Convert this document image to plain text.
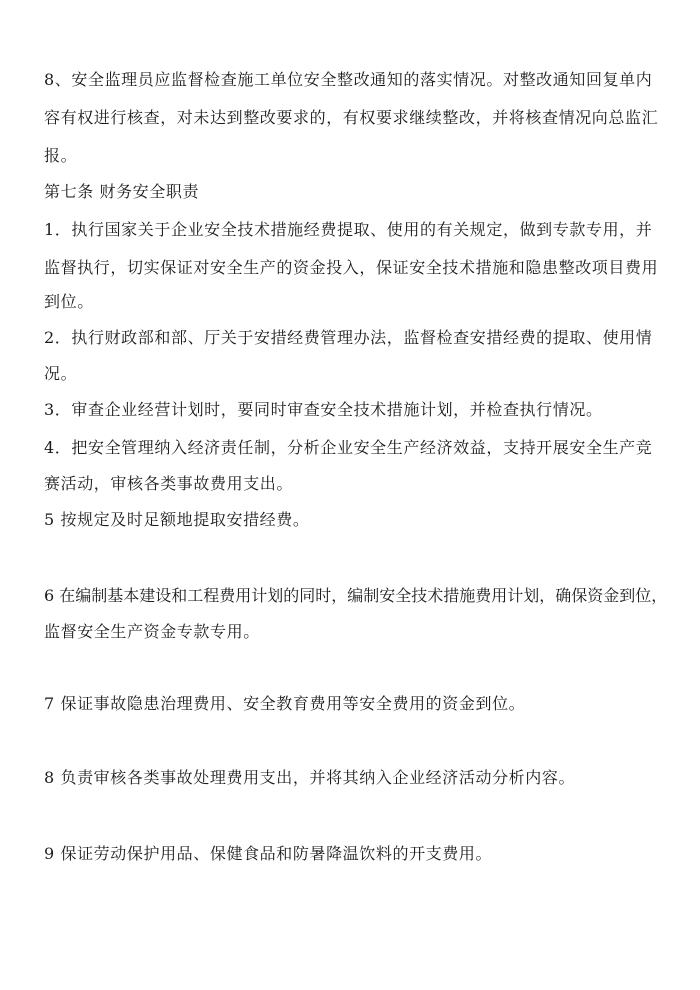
8、安全监理员应监督检查施工单位安全整改通知的落实情况。对整改通知回复单内
容有权进行核查，对未达到整改要求的，有权要求继续整改，并将核查情况向总监汇
报。
第七条 财务安全职责
1．执行国家关于企业安全技术措施经费提取、使用的有关规定，做到专款专用，并
监督执行，切实保证对安全生产的资金投入，保证安全技术措施和隐患整改项目费用
到位。
2．执行财政部和部、厅关于安措经费管理办法，监督检查安措经费的提取、使用情
况。
3．审查企业经营计划时，要同时审查安全技术措施计划，并检查执行情况。
4．把安全管理纳入经济责任制，分析企业安全生产经济效益，支持开展安全生产竞
赛活动，审核各类事故费用支出。
5 按规定及时足额地提取安措经费。
6 在编制基本建设和工程费用计划的同时，编制安全技术措施费用计划，确保资金到位，
监督安全生产资金专款专用。
7 保证事故隐患治理费用、安全教育费用等安全费用的资金到位。
8 负责审核各类事故处理费用支出，并将其纳入企业经济活动分析内容。
9 保证劳动保护用品、保健食品和防暑降温饮料的开支费用。
